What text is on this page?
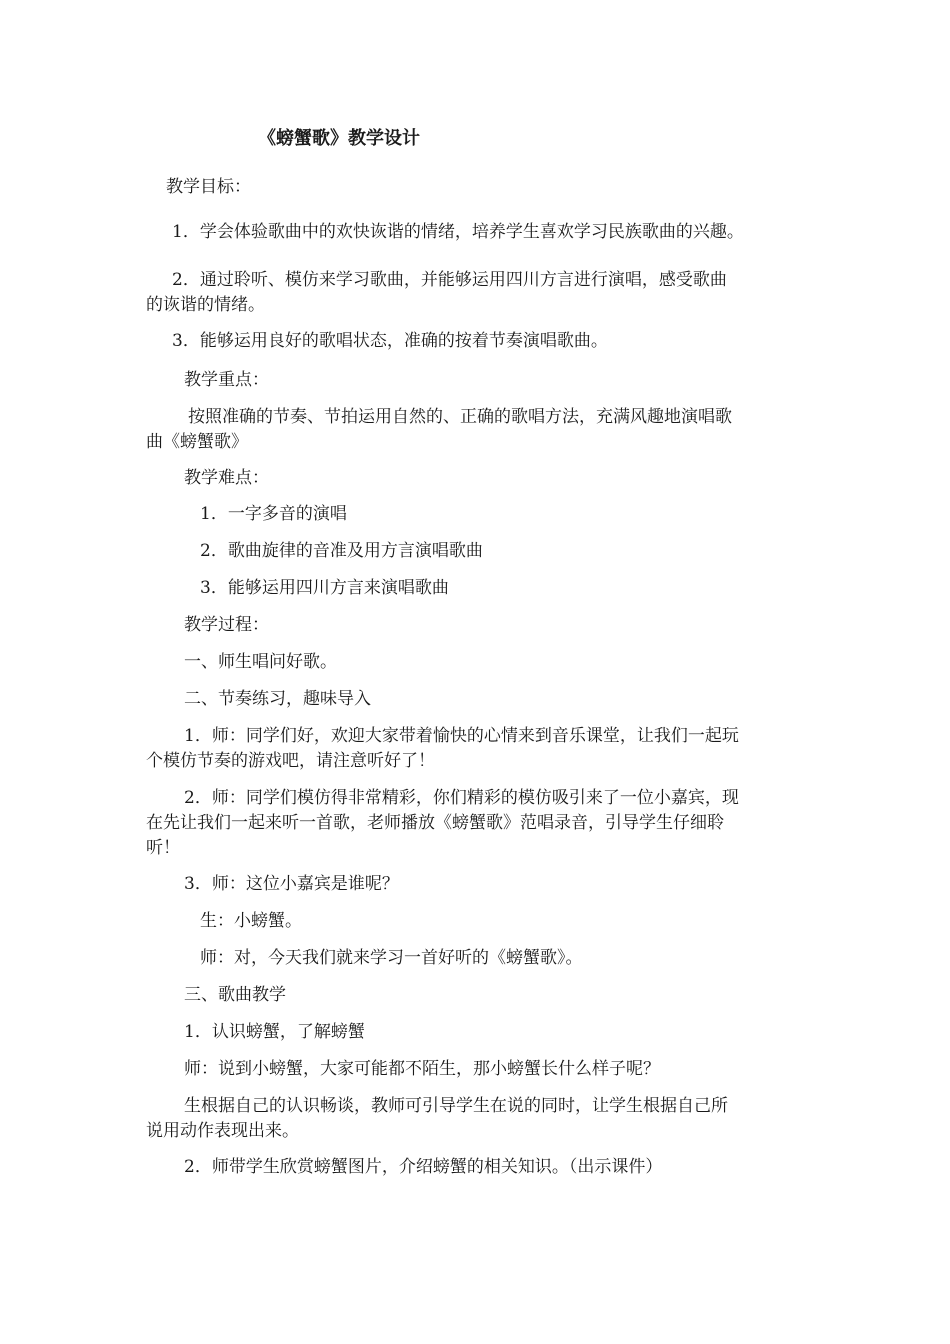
《螃蟹歌》教学设计
教学目标：
1．学会体验歌曲中的欢快诙谐的情绪，培养学生喜欢学习民族歌曲的兴趣。
2．通过聆听、模仿来学习歌曲，并能够运用四川方言进行演唱，感受歌曲
的诙谐的情绪。
3．能够运用良好的歌唱状态，准确的按着节奏演唱歌曲。
教学重点：
按照准确的节奏、节拍运用自然的、正确的歌唱方法，充满风趣地演唱歌
曲《螃蟹歌》
教学难点：
1．一字多音的演唱
2．歌曲旋律的音准及用方言演唱歌曲
3．能够运用四川方言来演唱歌曲
教学过程：
一、师生唱问好歌。
二、节奏练习，趣味导入
1．师：同学们好，欢迎大家带着愉快的心情来到音乐课堂，让我们一起玩
个模仿节奏的游戏吧，请注意听好了！
2．师：同学们模仿得非常精彩，你们精彩的模仿吸引来了一位小嘉宾，现
在先让我们一起来听一首歌，老师播放《螃蟹歌》范唱录音，引导学生仔细聆
听！
3．师：这位小嘉宾是谁呢？
生：小螃蟹。
师：对，今天我们就来学习一首好听的《螃蟹歌》。
三、歌曲教学
1．认识螃蟹，了解螃蟹
师：说到小螃蟹，大家可能都不陌生，那小螃蟹长什么样子呢？
生根据自己的认识畅谈，教师可引导学生在说的同时，让学生根据自己所
说用动作表现出来。
2．师带学生欣赏螃蟹图片，介绍螃蟹的相关知识。（出示课件）
